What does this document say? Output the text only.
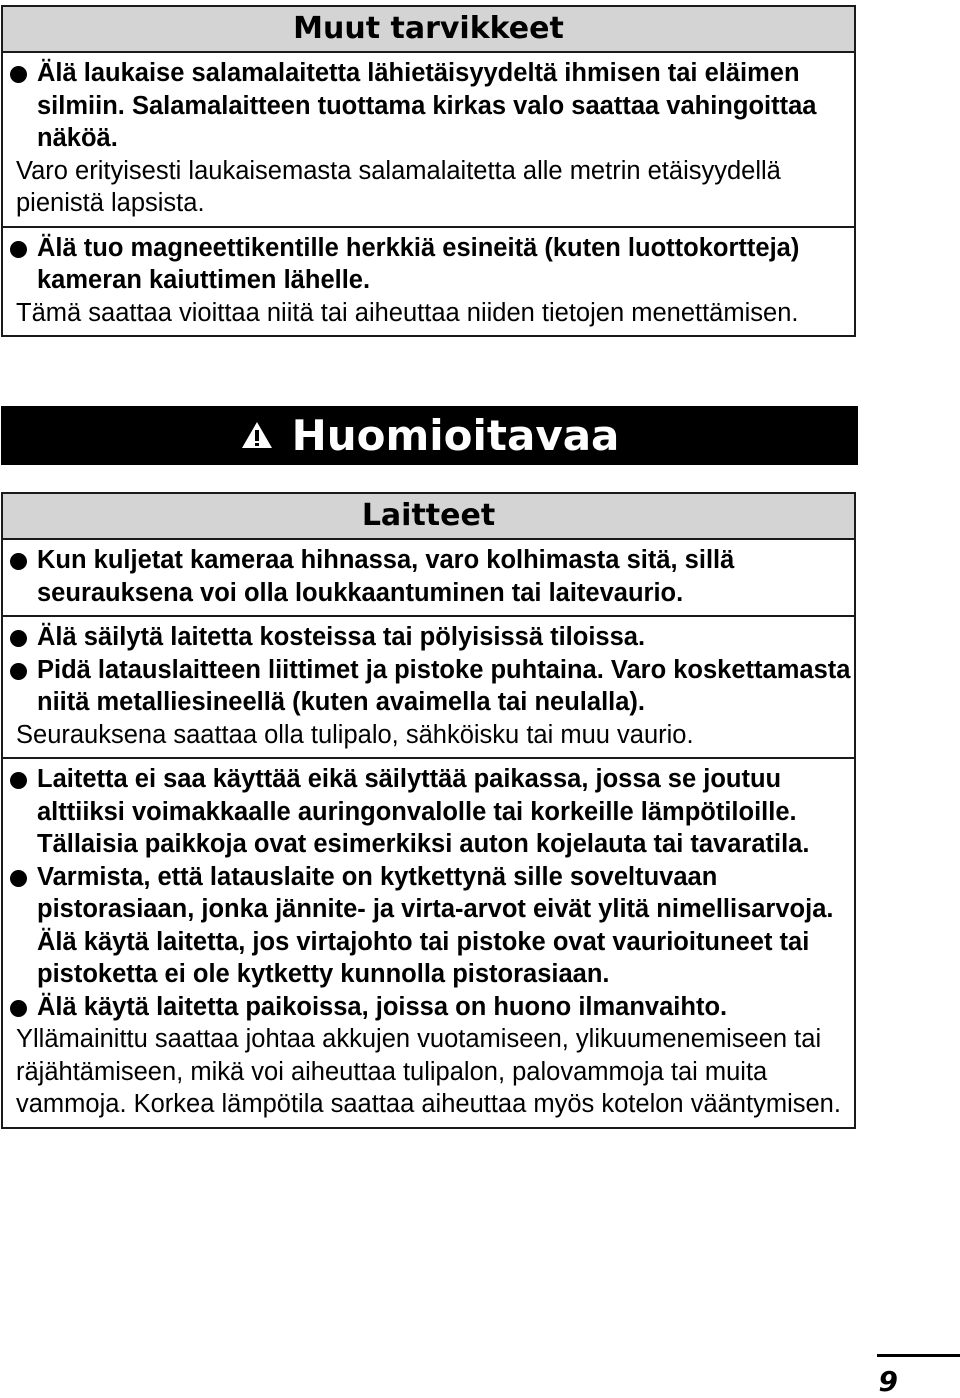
Muut tarvikkeet
Älä laukaise salamalaitetta lähietäisyydeltä ihmisen tai eläimen silmiin. Salamalaitteen tuottama kirkas valo saattaa vahingoittaa näköä.
Varo erityisesti laukaisemasta salamalaitetta alle metrin etäisyydellä pienistä lapsista.
Älä tuo magneettikentille herkkiä esineitä (kuten luottokortteja) kameran kaiuttimen lähelle.
Tämä saattaa vioittaa niitä tai aiheuttaa niiden tietojen menettämisen.
Huomioitavaa
Laitteet
Kun kuljetat kameraa hihnassa, varo kolhimasta sitä, sillä seurauksena voi olla loukkaantuminen tai laitevaurio.
Älä säilytä laitetta kosteissa tai pölyisissä tiloissa.
Pidä latauslaitteen liittimet ja pistoke puhtaina. Varo koskettamasta niitä metalliesineellä (kuten avaimella tai neulalla).
Seurauksena saattaa olla tulipalo, sähköisku tai muu vaurio.
Laitetta ei saa käyttää eikä säilyttää paikassa, jossa se joutuu alttiiksi voimakkaalle auringonvalolle tai korkeille lämpötiloille. Tällaisia paikkoja ovat esimerkiksi auton kojelauta tai tavaratila.
Varmista, että latauslaite on kytkettynä sille soveltuvaan pistorasiaan, jonka jännite- ja virta-arvot eivät ylitä nimellisarvoja. Älä käytä laitetta, jos virtajohto tai pistoke ovat vaurioituneet tai pistoketta ei ole kytketty kunnolla pistorasiaan.
Älä käytä laitetta paikoissa, joissa on huono ilmanvaihto.
Yllämainittu saattaa johtaa akkujen vuotamiseen, ylikuumenemiseen tai räjähtämiseen, mikä voi aiheuttaa tulipalon, palovammoja tai muita vammoja. Korkea lämpötila saattaa aiheuttaa myös kotelon vääntymisen.
9
